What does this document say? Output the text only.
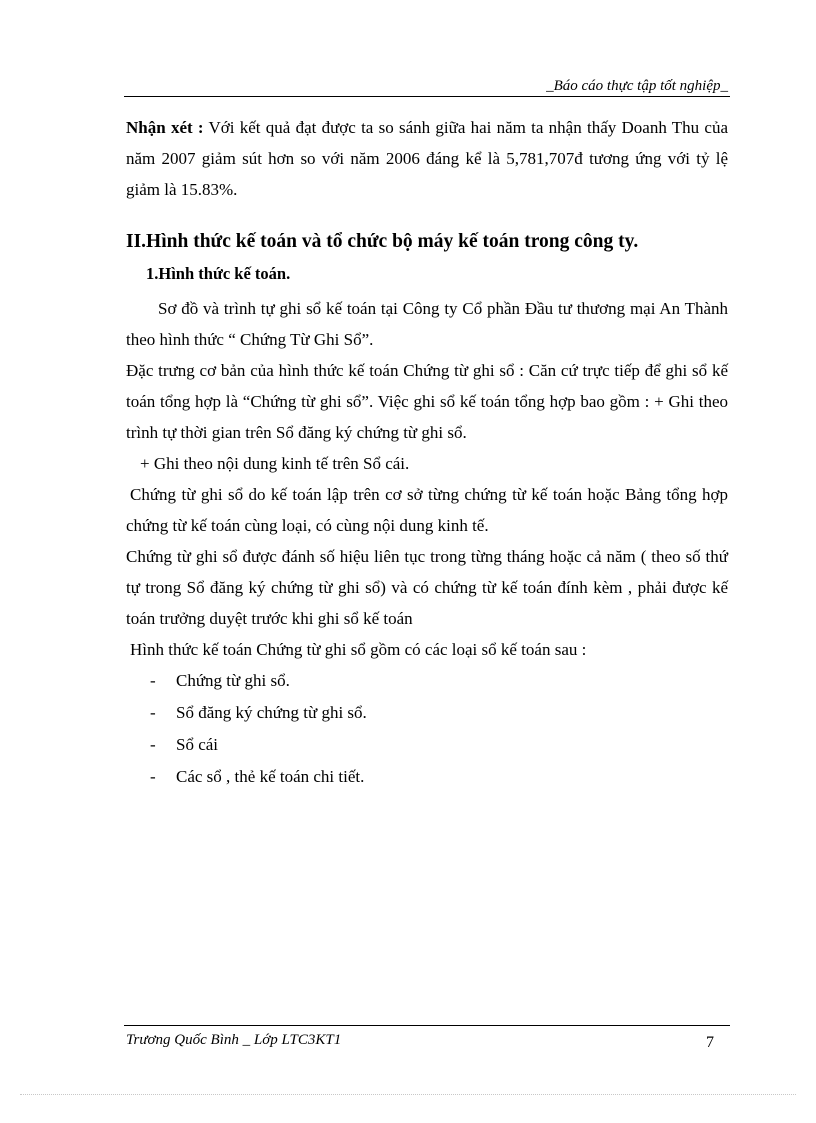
_Báo cáo thực tập tốt nghiệp_

Nhận xét : Với kết quả đạt được ta so sánh giữa hai năm ta nhận thấy Doanh Thu của năm 2007 giảm sút hơn so với năm 2006 đáng kể là 5,781,707đ tương ứng với tỷ lệ giảm là 15.83%.

II.Hình thức kế toán và tổ chức bộ máy kế toán trong công ty.
1.Hình thức kế toán.

Sơ đồ và trình tự ghi sổ kế toán tại Công ty Cổ phần Đầu tư thương mại An Thành theo hình thức “ Chứng Từ Ghi Sổ”.

Đặc trưng cơ bản của hình thức kế toán Chứng từ ghi sổ : Căn cứ trực tiếp để ghi sổ kế toán tổng hợp là “Chứng từ ghi sổ”. Việc ghi sổ kế toán tổng hợp bao gồm : + Ghi theo trình tự thời gian trên Sổ đăng ký chứng từ ghi sổ.

+ Ghi theo nội dung kinh tế trên Sổ cái.

Chứng từ ghi sổ do kế toán lập trên cơ sở từng chứng từ kế toán hoặc Bảng tổng hợp chứng từ kế toán cùng loại, có cùng nội dung kinh tế.

Chứng từ ghi sổ được đánh số hiệu liên tục trong từng tháng hoặc cả năm ( theo số thứ tự trong Sổ đăng ký chứng từ ghi sổ) và có chứng từ kế toán đính kèm , phải được kế toán trưởng duyệt trước khi ghi sổ kế toán

Hình thức kế toán Chứng từ ghi sổ gồm có các loại sổ kế toán sau :

- Chứng từ ghi sổ.
- Sổ đăng ký chứng từ ghi sổ.
- Sổ cái
- Các sổ , thẻ kế toán chi tiết.
Trương Quốc Bình _ Lớp LTC3KT1	7
